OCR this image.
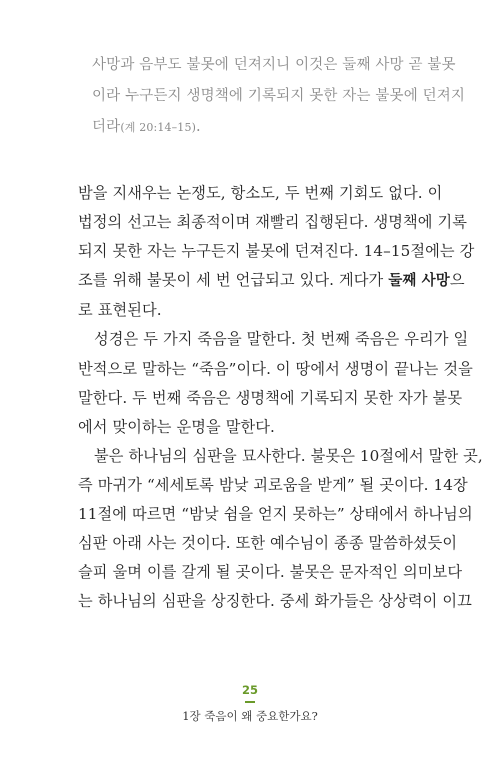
사망과 음부도 불못에 던져지니 이것은 둘째 사망 곧 불못
이라 누구든지 생명책에 기록되지 못한 자는 불못에 던져지
더라(계 20:14–15).
밤을 지새우는 논쟁도, 항소도, 두 번째 기회도 없다. 이
법정의 선고는 최종적이며 재빨리 집행된다. 생명책에 기록
되지 못한 자는 누구든지 불못에 던져진다. 14–15절에는 강
조를 위해 불못이 세 번 언급되고 있다. 게다가 둘째 사망으
로 표현된다.
성경은 두 가지 죽음을 말한다. 첫 번째 죽음은 우리가 일
반적으로 말하는 “죽음”이다. 이 땅에서 생명이 끝나는 것을
말한다. 두 번째 죽음은 생명책에 기록되지 못한 자가 불못
에서 맞이하는 운명을 말한다.
불은 하나님의 심판을 묘사한다. 불못은 10절에서 말한 곳,
즉 마귀가 “세세토록 밤낮 괴로움을 받게” 될 곳이다. 14장
11절에 따르면 “밤낮 쉼을 얻지 못하는” 상태에서 하나님의
심판 아래 사는 것이다. 또한 예수님이 종종 말씀하셨듯이
슬피 울며 이를 갈게 될 곳이다. 불못은 문자적인 의미보다
는 하나님의 심판을 상징한다. 중세 화가들은 상상력이 이끄
25
1장 죽음이 왜 중요한가요?
